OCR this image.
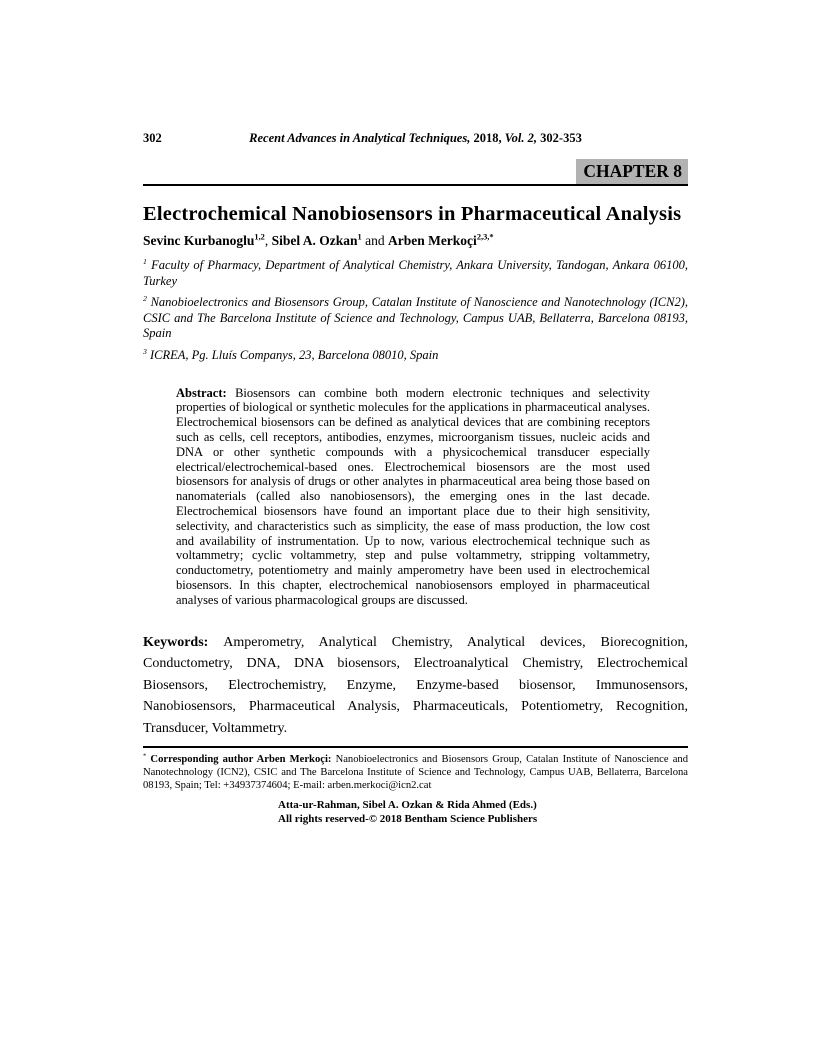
302	Recent Advances in Analytical Techniques, 2018, Vol. 2, 302-353
CHAPTER 8
Electrochemical Nanobiosensors in Pharmaceutical Analysis

Sevinc Kurbanoglu$^{1,2}$, Sibel A. Ozkan$^1$ and Arben Merkoçi$^{2,3,*}$

$^1$ Faculty of Pharmacy, Department of Analytical Chemistry, Ankara University, Tandogan, Ankara 06100, Turkey

$^2$ Nanobioelectronics and Biosensors Group, Catalan Institute of Nanoscience and Nanotechnology (ICN2), CSIC and The Barcelona Institute of Science and Technology, Campus UAB, Bellaterra, Barcelona 08193, Spain

$^3$ ICREA, Pg. Lluís Companys, 23, Barcelona 08010, Spain

Abstract: Biosensors can combine both modern electronic techniques and selectivity properties of biological or synthetic molecules for the applications in pharmaceutical analyses. Electrochemical biosensors can be defined as analytical devices that are combining receptors such as cells, cell receptors, antibodies, enzymes, microorganism tissues, nucleic acids and DNA or other synthetic compounds with a physicochemical transducer especially electrical/electrochemical-based ones. Electrochemical biosensors are the most used biosensors for analysis of drugs or other analytes in pharmaceutical area being those based on nanomaterials (called also nanobiosensors), the emerging ones in the last decade. Electrochemical biosensors have found an important place due to their high sensitivity, selectivity, and characteristics such as simplicity, the ease of mass production, the low cost and availability of instrumentation. Up to now, various electrochemical technique such as voltammetry; cyclic voltammetry, step and pulse voltammetry, stripping voltammetry, conductometry, potentiometry and mainly amperometry have been used in electrochemical biosensors. In this chapter, electrochemical nanobiosensors employed in pharmaceutical analyses of various pharmacological groups are discussed.

Keywords: Amperometry, Analytical Chemistry, Analytical devices, Biorecognition, Conductometry, DNA, DNA biosensors, Electroanalytical Chemistry, Electrochemical Biosensors, Electrochemistry, Enzyme, Enzyme-based biosensor, Immunosensors, Nanobiosensors, Pharmaceutical Analysis, Pharmaceuticals, Potentiometry, Recognition, Transducer, Voltammetry.

* Corresponding author Arben Merkoçi: Nanobioelectronics and Biosensors Group, Catalan Institute of Nanoscience and Nanotechnology (ICN2), CSIC and The Barcelona Institute of Science and Technology, Campus UAB, Bellaterra, Barcelona 08193, Spain; Tel: +34937374604; E-mail: arben.merkoci@icn2.cat

Atta-ur-Rahman, Sibel A. Ozkan & Rida Ahmed (Eds.)
All rights reserved-© 2018 Bentham Science Publishers
